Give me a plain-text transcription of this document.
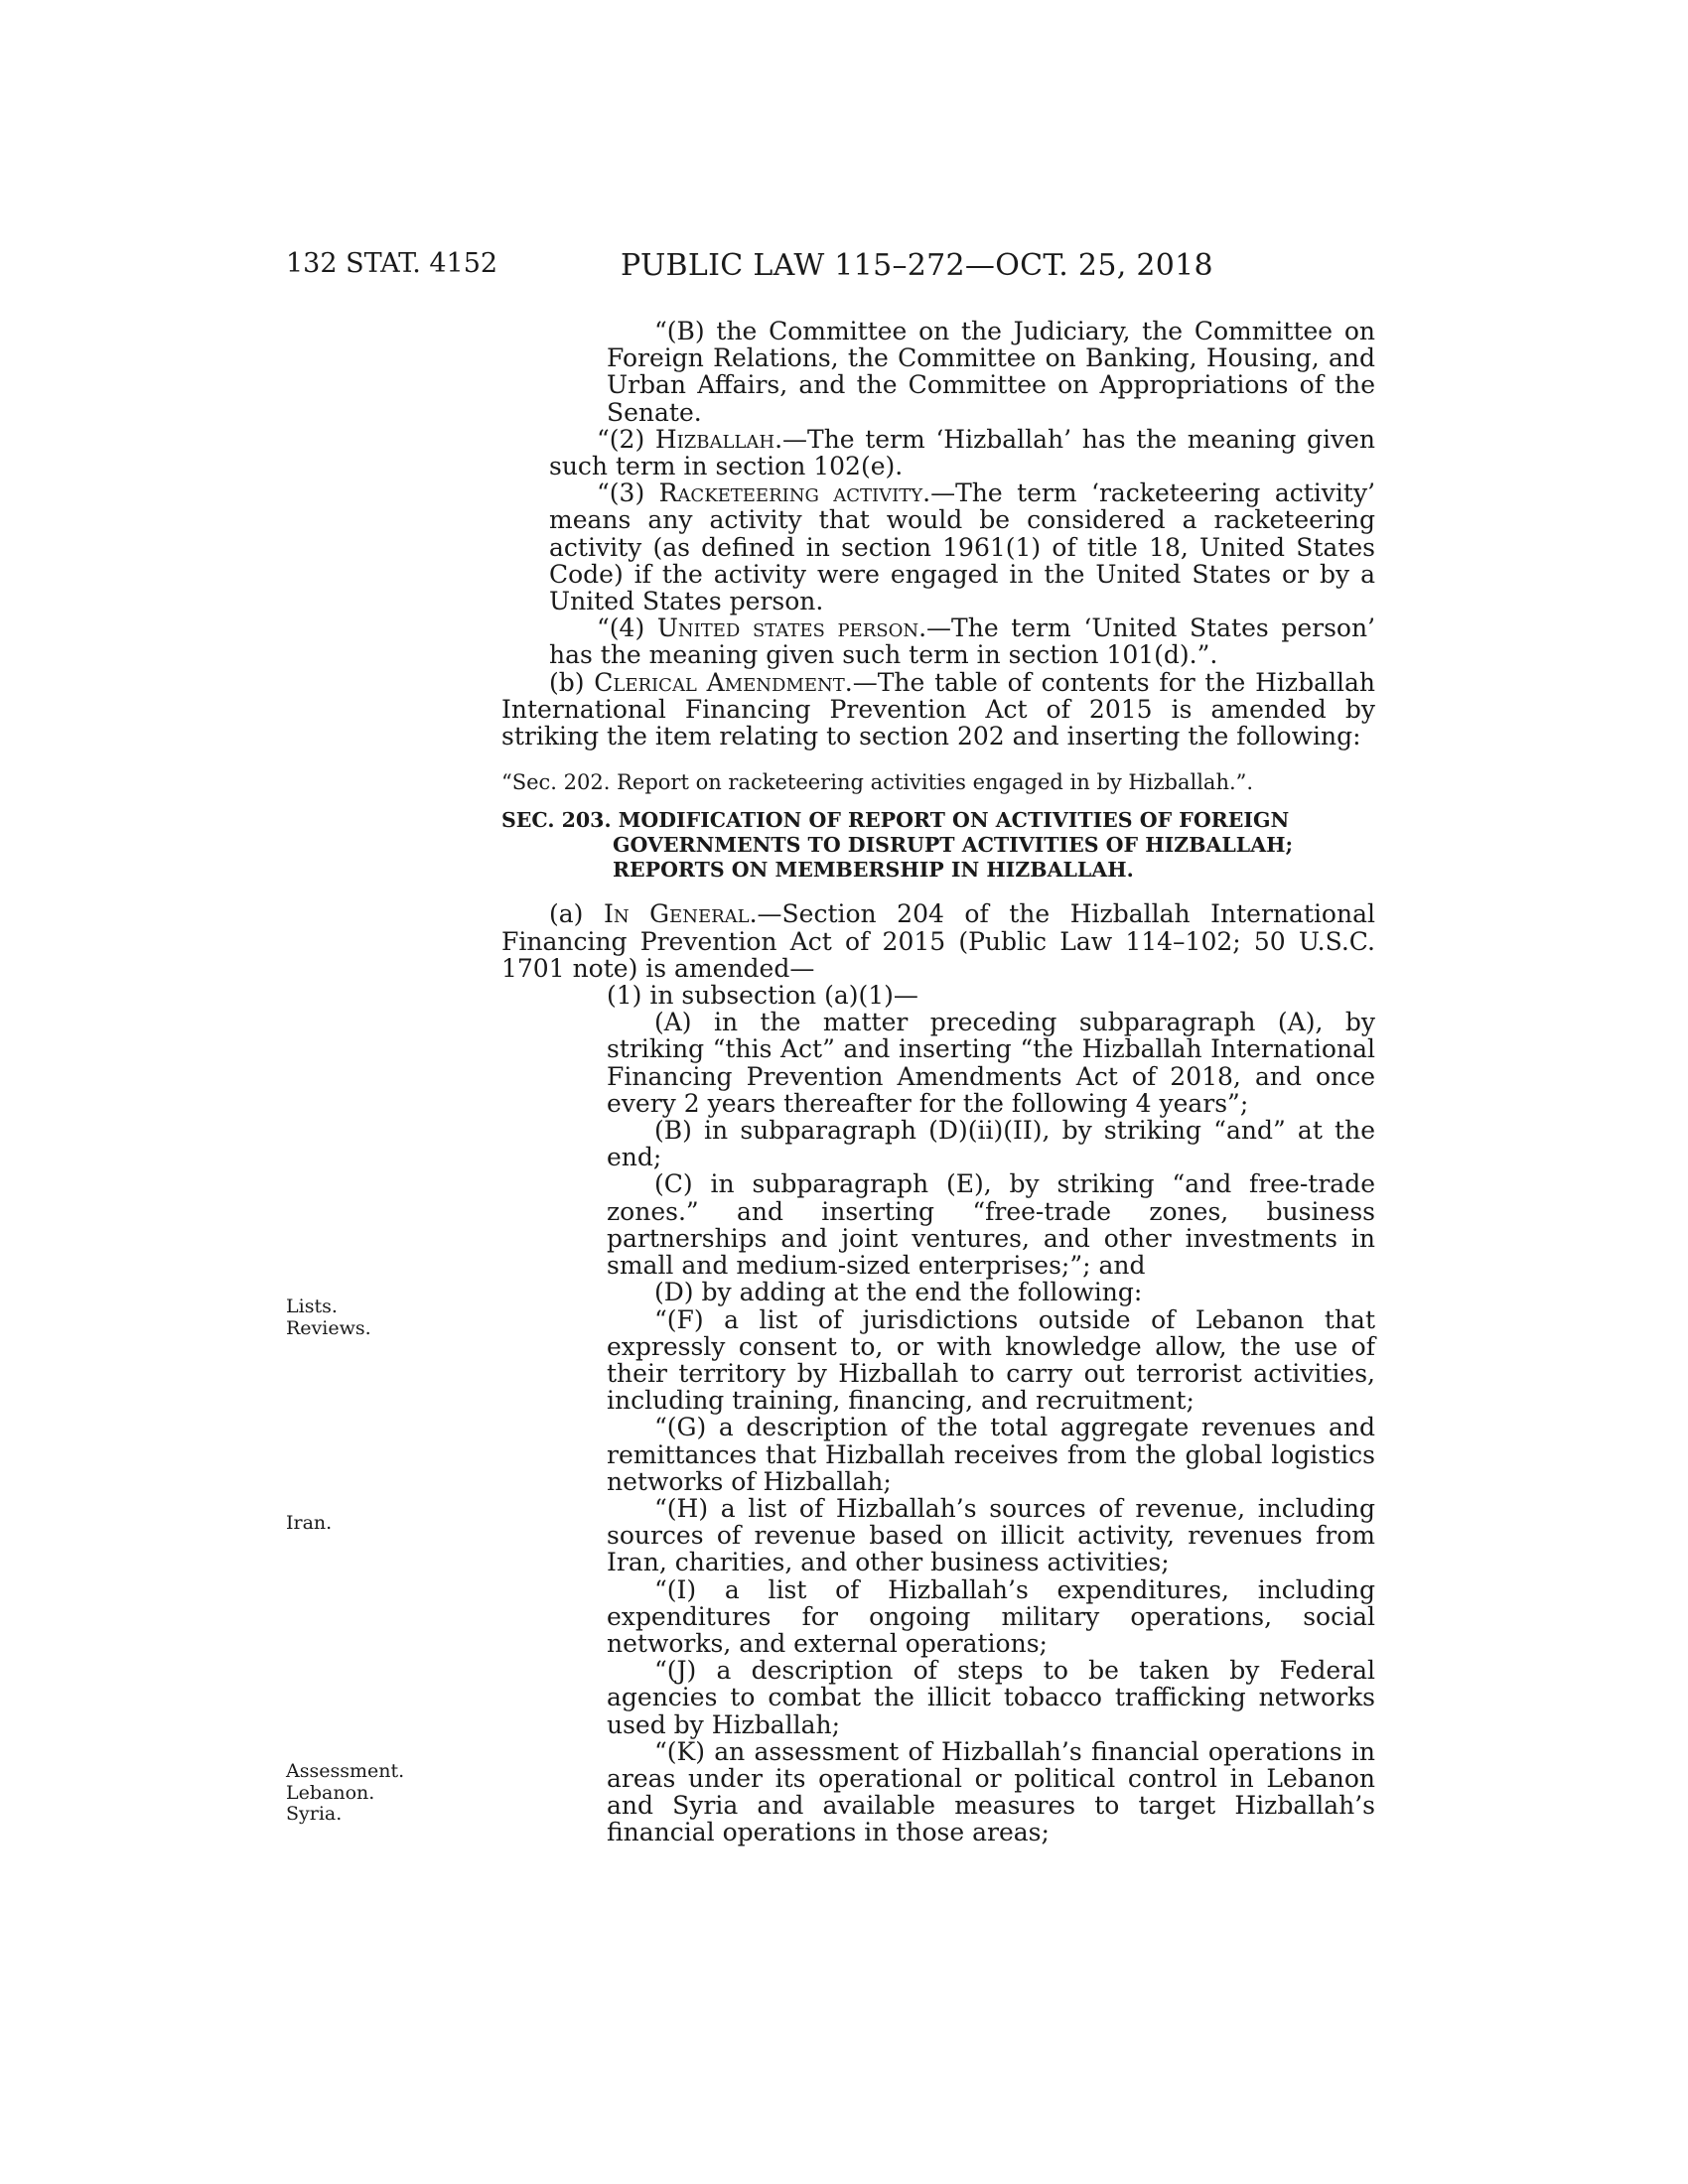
132 STAT. 4152	PUBLIC LAW 115–272—OCT. 25, 2018
Lists.
Reviews.
Iran.
Assessment.
Lebanon.
Syria.

“(B) the Committee on the Judiciary, the Committee on Foreign Relations, the Committee on Banking, Housing, and Urban Affairs, and the Committee on Appropriations of the Senate.

“(2) Hizballah.—The term ‘Hizballah’ has the meaning given such term in section 102(e).

“(3) Racketeering activity.—The term ‘racketeering activity’ means any activity that would be considered a racketeering activity (as defined in section 1961(1) of title 18, United States Code) if the activity were engaged in the United States or by a United States person.

“(4) United states person.—The term ‘United States person’ has the meaning given such term in section 101(d).”.

(b) Clerical Amendment.—The table of contents for the Hizballah International Financing Prevention Act of 2015 is amended by striking the item relating to section 202 and inserting the following:

“Sec. 202. Report on racketeering activities engaged in by Hizballah.”.

SEC. 203. MODIFICATION OF REPORT ON ACTIVITIES OF FOREIGN GOVERNMENTS TO DISRUPT ACTIVITIES OF HIZBALLAH; REPORTS ON MEMBERSHIP IN HIZBALLAH.

(a) In General.—Section 204 of the Hizballah International Financing Prevention Act of 2015 (Public Law 114–102; 50 U.S.C. 1701 note) is amended—

(1) in subsection (a)(1)—

(A) in the matter preceding subparagraph (A), by striking “this Act” and inserting “the Hizballah International Financing Prevention Amendments Act of 2018, and once every 2 years thereafter for the following 4 years”;

(B) in subparagraph (D)(ii)(II), by striking “and” at the end;

(C) in subparagraph (E), by striking “and free-trade zones.” and inserting “free-trade zones, business partnerships and joint ventures, and other investments in small and medium-sized enterprises;”; and

(D) by adding at the end the following:

“(F) a list of jurisdictions outside of Lebanon that expressly consent to, or with knowledge allow, the use of their territory by Hizballah to carry out terrorist activities, including training, financing, and recruitment;

“(G) a description of the total aggregate revenues and remittances that Hizballah receives from the global logistics networks of Hizballah;

“(H) a list of Hizballah’s sources of revenue, including sources of revenue based on illicit activity, revenues from Iran, charities, and other business activities;

“(I) a list of Hizballah’s expenditures, including expenditures for ongoing military operations, social networks, and external operations;

“(J) a description of steps to be taken by Federal agencies to combat the illicit tobacco trafficking networks used by Hizballah;

“(K) an assessment of Hizballah’s financial operations in areas under its operational or political control in Lebanon and Syria and available measures to target Hizballah’s financial operations in those areas;
